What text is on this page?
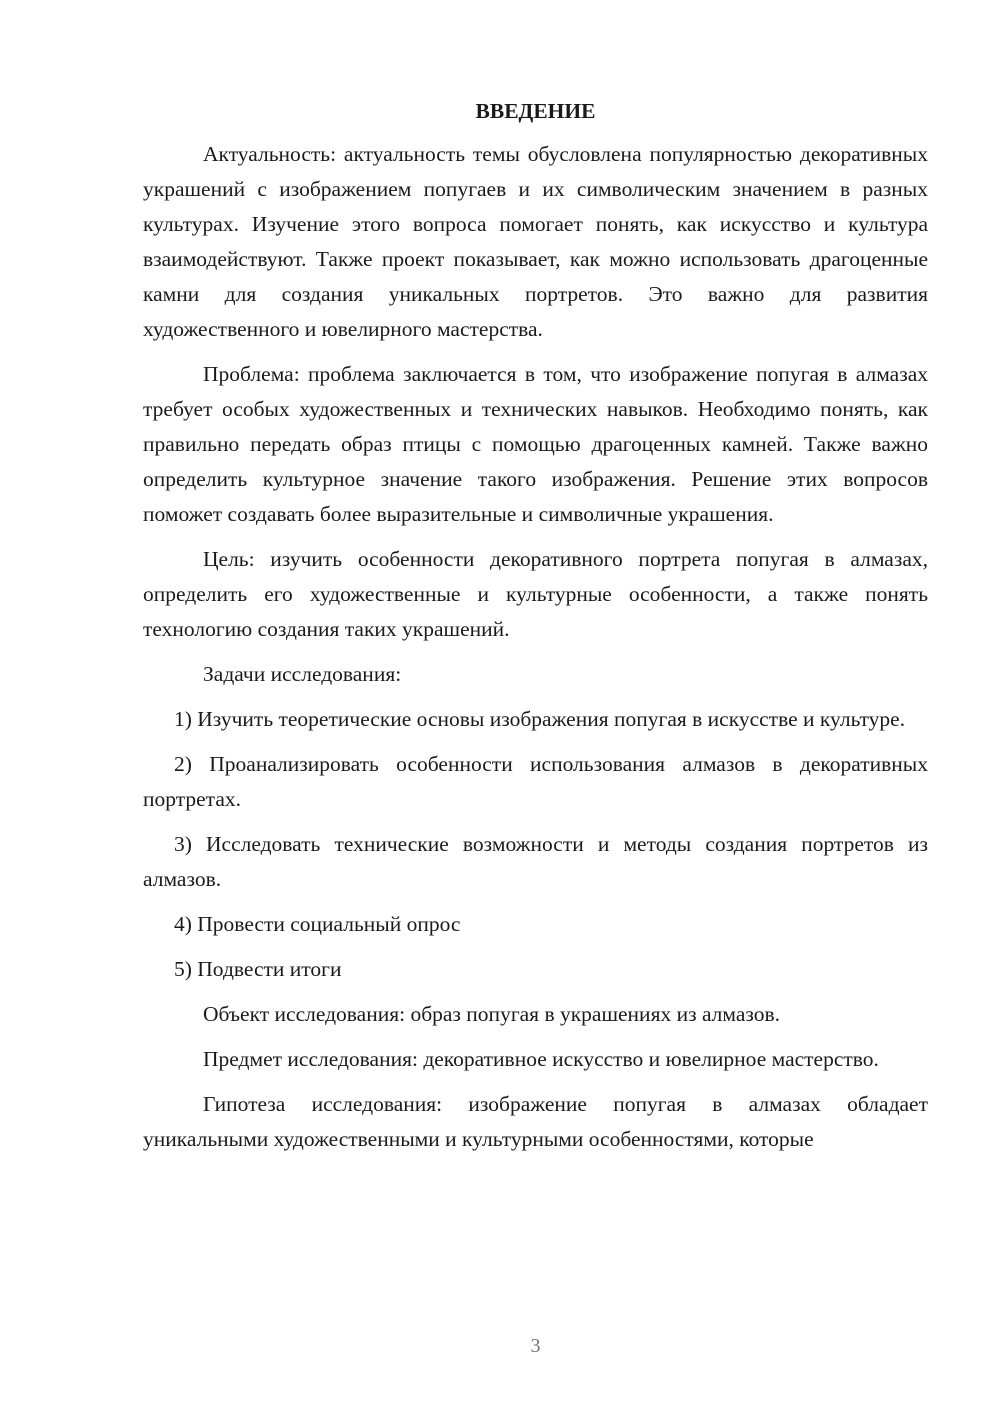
ВВЕДЕНИЕ

Актуальность: актуальность темы обусловлена популярностью декоративных украшений с изображением попугаев и их символическим значением в разных культурах. Изучение этого вопроса помогает понять, как искусство и культура взаимодействуют. Также проект показывает, как можно использовать драгоценные камни для создания уникальных портретов. Это важно для развития художественного и ювелирного мастерства.

Проблема: проблема заключается в том, что изображение попугая в алмазах требует особых художественных и технических навыков. Необходимо понять, как правильно передать образ птицы с помощью драгоценных камней. Также важно определить культурное значение такого изображения. Решение этих вопросов поможет создавать более выразительные и символичные украшения.

Цель: изучить особенности декоративного портрета попугая в алмазах, определить его художественные и культурные особенности, а также понять технологию создания таких украшений.

Задачи исследования:

1) Изучить теоретические основы изображения попугая в искусстве и культуре.

2) Проанализировать особенности использования алмазов в декоративных портретах.

3) Исследовать технические возможности и методы создания портретов из алмазов.

4) Провести социальный опрос

5) Подвести итоги

Объект исследования: образ попугая в украшениях из алмазов.

Предмет исследования: декоративное искусство и ювелирное мастерство.

Гипотеза исследования: изображение попугая в алмазах обладает уникальными художественными и культурными особенностями, которые

3
